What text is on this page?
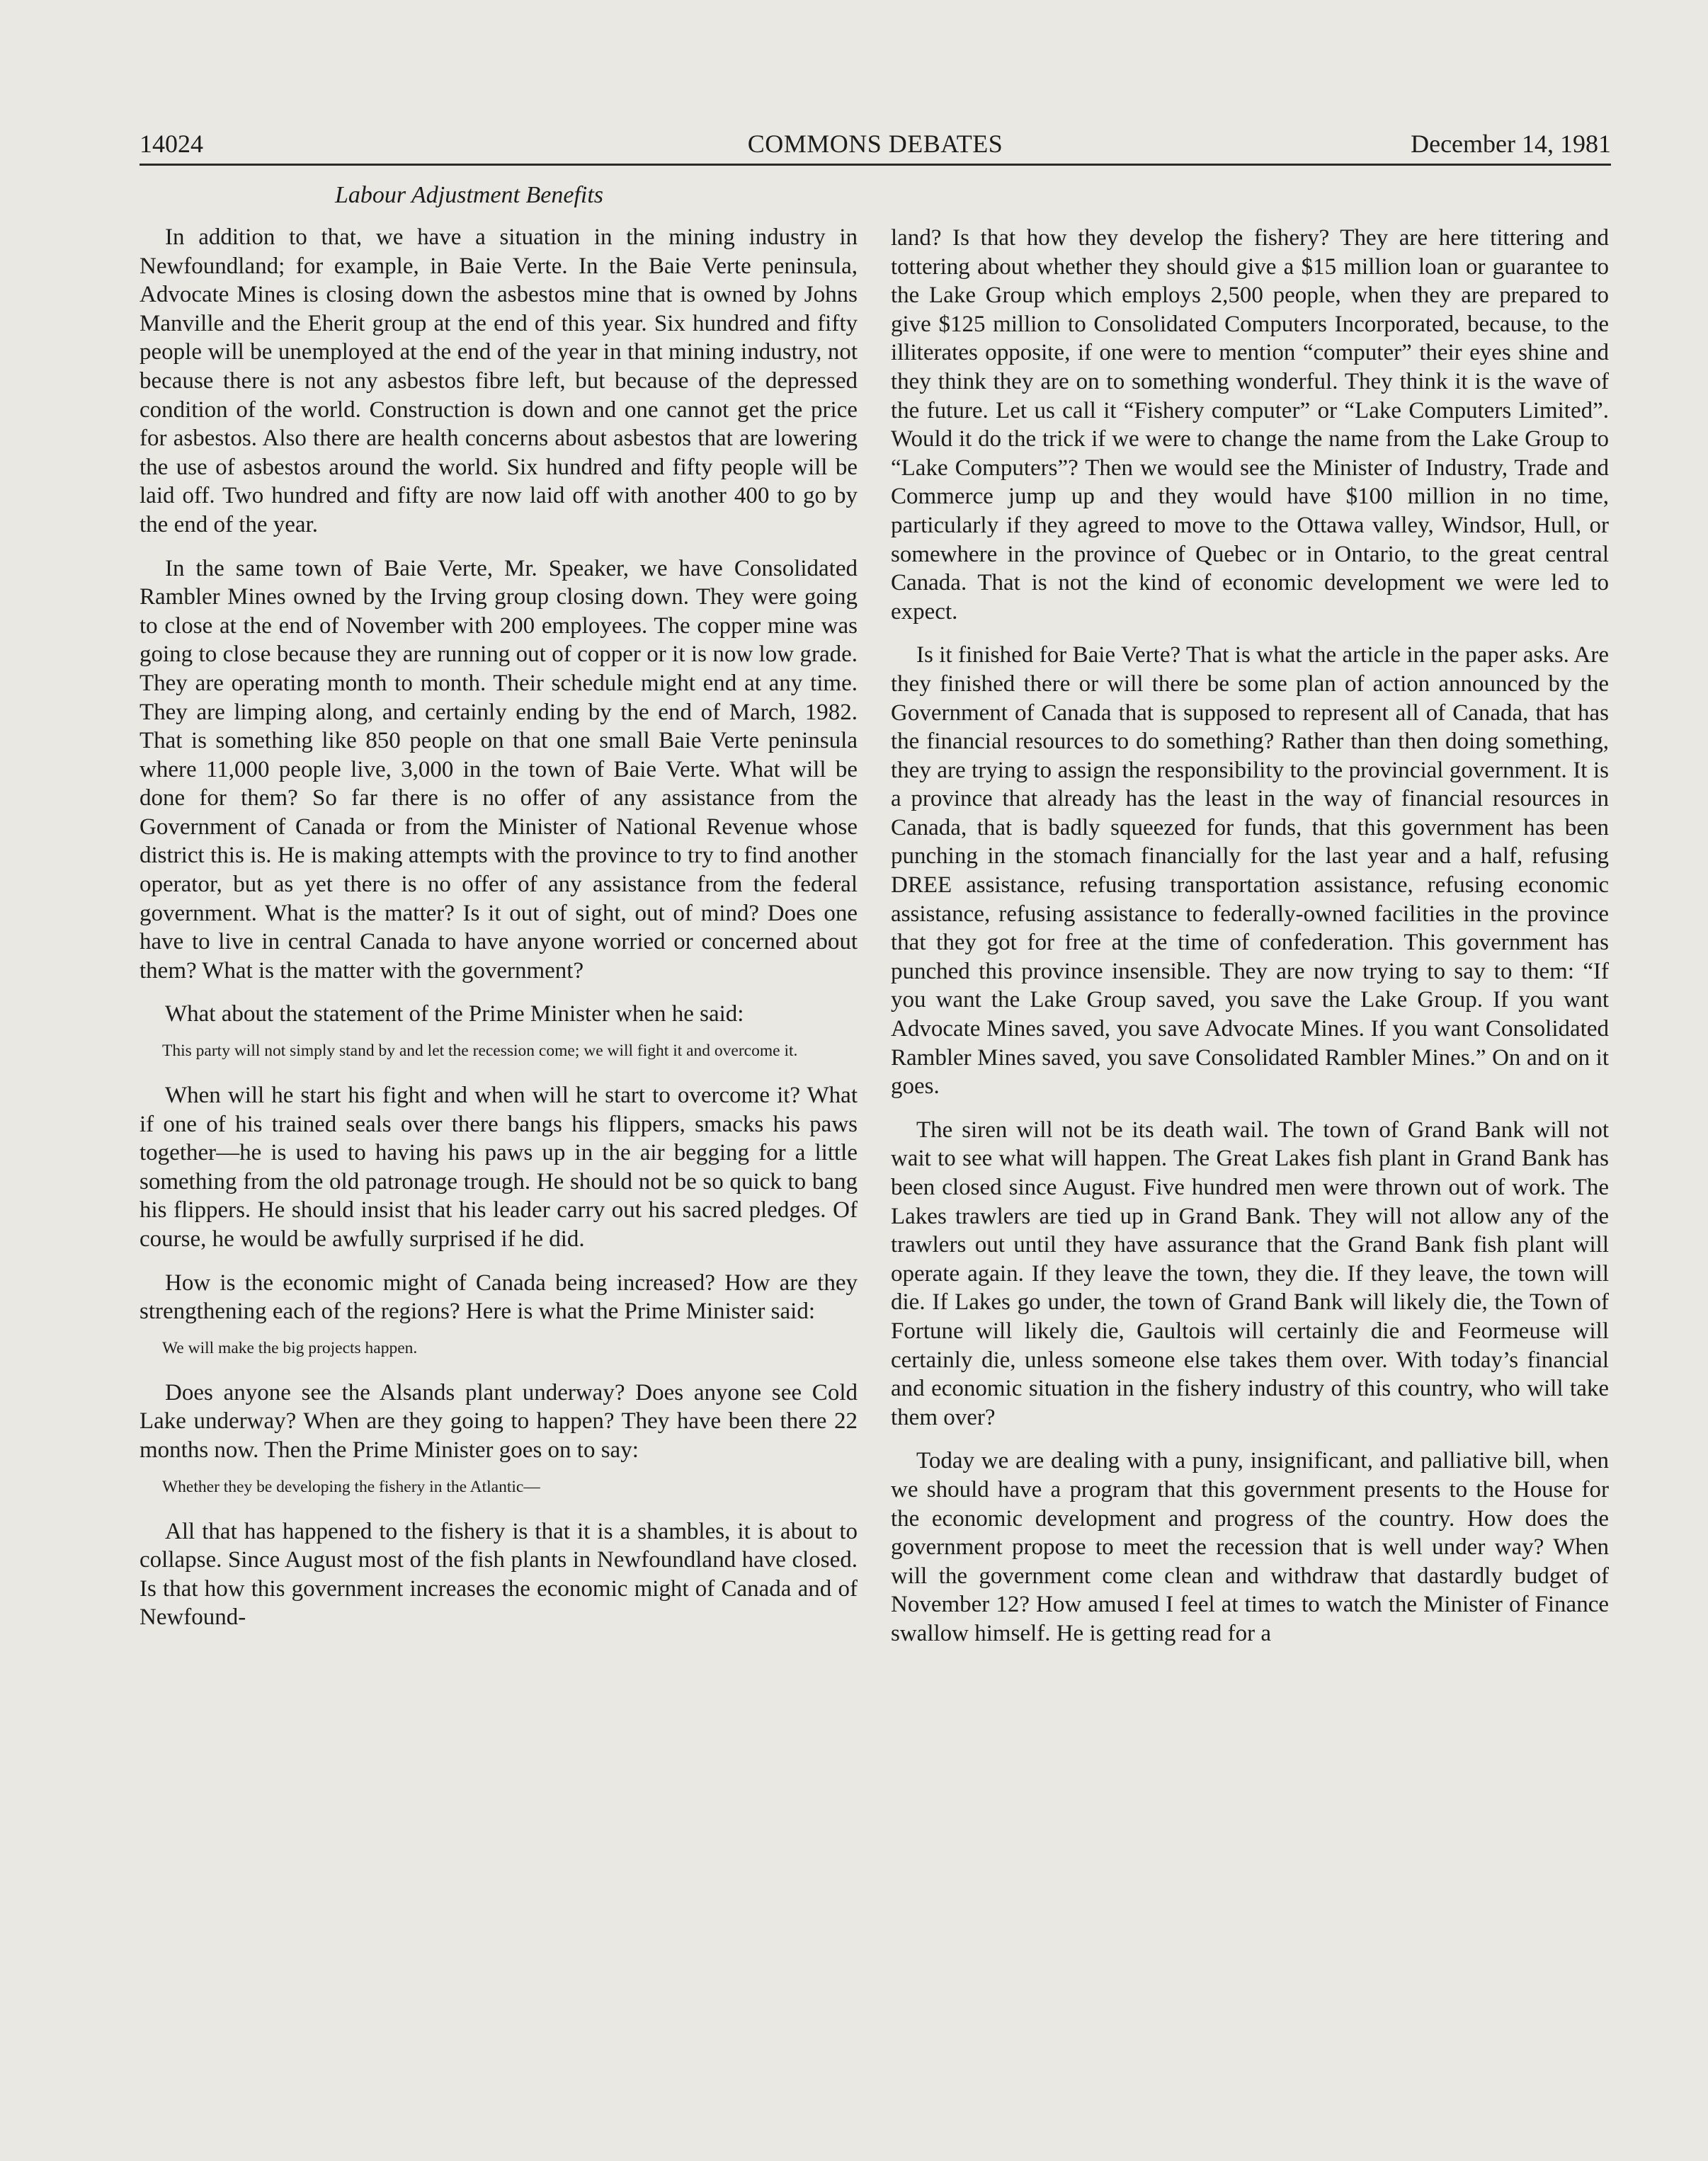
14024	COMMONS DEBATES	December 14, 1981
Labour Adjustment Benefits

In addition to that, we have a situation in the mining industry in Newfoundland; for example, in Baie Verte. In the Baie Verte peninsula, Advocate Mines is closing down the asbestos mine that is owned by Johns Manville and the Eherit group at the end of this year. Six hundred and fifty people will be unemployed at the end of the year in that mining industry, not because there is not any asbestos fibre left, but because of the depressed condition of the world. Construction is down and one cannot get the price for asbestos. Also there are health concerns about asbestos that are lowering the use of asbestos around the world. Six hundred and fifty people will be laid off. Two hundred and fifty are now laid off with another 400 to go by the end of the year.

In the same town of Baie Verte, Mr. Speaker, we have Consolidated Rambler Mines owned by the Irving group closing down. They were going to close at the end of November with 200 employees. The copper mine was going to close because they are running out of copper or it is now low grade. They are operating month to month. Their schedule might end at any time. They are limping along, and certainly ending by the end of March, 1982. That is something like 850 people on that one small Baie Verte peninsula where 11,000 people live, 3,000 in the town of Baie Verte. What will be done for them? So far there is no offer of any assistance from the Government of Canada or from the Minister of National Revenue whose district this is. He is making attempts with the province to try to find another operator, but as yet there is no offer of any assistance from the federal government. What is the matter? Is it out of sight, out of mind? Does one have to live in central Canada to have anyone worried or concerned about them? What is the matter with the government?

What about the statement of the Prime Minister when he said:

This party will not simply stand by and let the recession come; we will fight it and overcome it.

When will he start his fight and when will he start to overcome it? What if one of his trained seals over there bangs his flippers, smacks his paws together—he is used to having his paws up in the air begging for a little something from the old patronage trough. He should not be so quick to bang his flippers. He should insist that his leader carry out his sacred pledges. Of course, he would be awfully surprised if he did.

How is the economic might of Canada being increased? How are they strengthening each of the regions? Here is what the Prime Minister said:

We will make the big projects happen.

Does anyone see the Alsands plant underway? Does anyone see Cold Lake underway? When are they going to happen? They have been there 22 months now. Then the Prime Minister goes on to say:

Whether they be developing the fishery in the Atlantic—

All that has happened to the fishery is that it is a shambles, it is about to collapse. Since August most of the fish plants in Newfoundland have closed. Is that how this government increases the economic might of Canada and of Newfound-

land? Is that how they develop the fishery? They are here tittering and tottering about whether they should give a $15 million loan or guarantee to the Lake Group which employs 2,500 people, when they are prepared to give $125 million to Consolidated Computers Incorporated, because, to the illiterates opposite, if one were to mention “computer” their eyes shine and they think they are on to something wonderful. They think it is the wave of the future. Let us call it “Fishery computer” or “Lake Computers Limited”. Would it do the trick if we were to change the name from the Lake Group to “Lake Computers”? Then we would see the Minister of Industry, Trade and Commerce jump up and they would have $100 million in no time, particularly if they agreed to move to the Ottawa valley, Windsor, Hull, or somewhere in the province of Quebec or in Ontario, to the great central Canada. That is not the kind of economic development we were led to expect.

Is it finished for Baie Verte? That is what the article in the paper asks. Are they finished there or will there be some plan of action announced by the Government of Canada that is supposed to represent all of Canada, that has the financial resources to do something? Rather than then doing something, they are trying to assign the responsibility to the provincial government. It is a province that already has the least in the way of financial resources in Canada, that is badly squeezed for funds, that this government has been punching in the stomach financially for the last year and a half, refusing DREE assistance, refusing transportation assistance, refusing economic assistance, refusing assistance to federally-owned facilities in the province that they got for free at the time of confederation. This government has punched this province insensible. They are now trying to say to them: “If you want the Lake Group saved, you save the Lake Group. If you want Advocate Mines saved, you save Advocate Mines. If you want Consolidated Rambler Mines saved, you save Consolidated Rambler Mines.” On and on it goes.

The siren will not be its death wail. The town of Grand Bank will not wait to see what will happen. The Great Lakes fish plant in Grand Bank has been closed since August. Five hundred men were thrown out of work. The Lakes trawlers are tied up in Grand Bank. They will not allow any of the trawlers out until they have assurance that the Grand Bank fish plant will operate again. If they leave the town, they die. If they leave, the town will die. If Lakes go under, the town of Grand Bank will likely die, the Town of Fortune will likely die, Gaultois will certainly die and Feormeuse will certainly die, unless someone else takes them over. With today’s financial and economic situation in the fishery industry of this country, who will take them over?

Today we are dealing with a puny, insignificant, and palliative bill, when we should have a program that this government presents to the House for the economic development and progress of the country. How does the government propose to meet the recession that is well under way? When will the government come clean and withdraw that dastardly budget of November 12? How amused I feel at times to watch the Minister of Finance swallow himself. He is getting read for a
